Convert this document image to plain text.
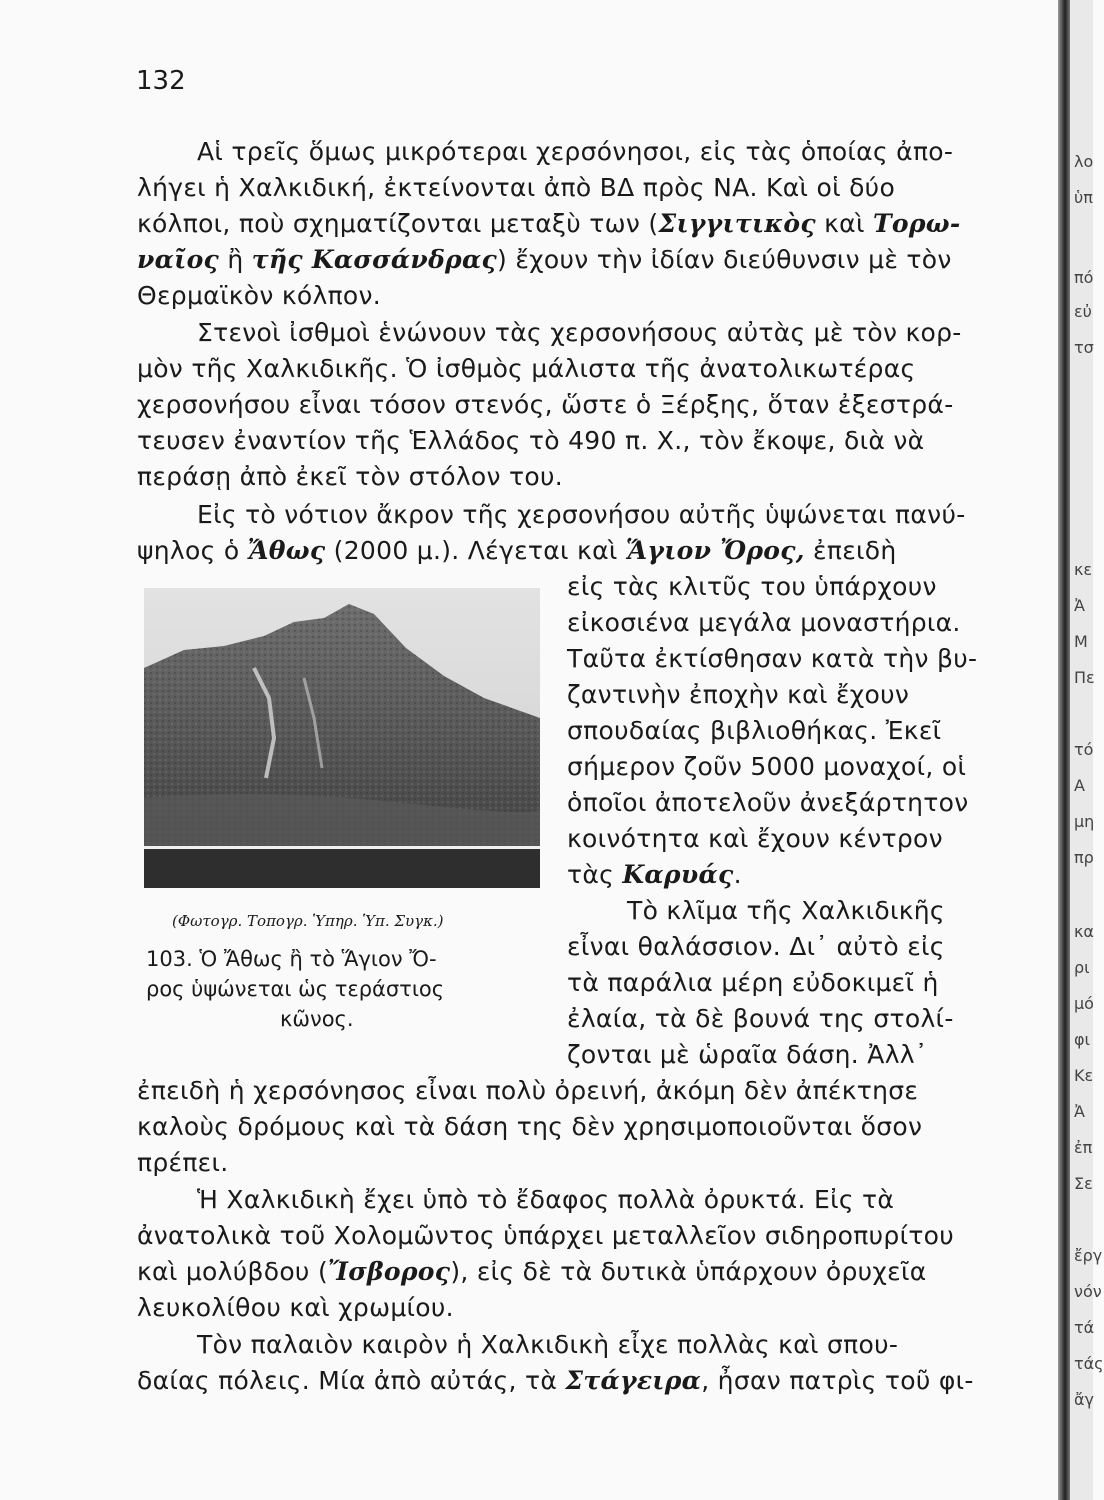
132
Αἱ τρεῖς ὅμως μικρότεραι χερσόνησοι, εἰς τὰς ὁποίας ἀπο-
λήγει ἡ Χαλκιδική, ἐκτείνονται ἀπὸ ΒΔ πρὸς ΝΑ. Καὶ οἱ δύο
κόλποι, ποὺ σχηματίζονται μεταξὺ των (Σιγγιτικὸς καὶ Τορω-
ναῖος ἢ τῆς Κασσάνδρας) ἔχουν τὴν ἰδίαν διεύθυνσιν μὲ τὸν
Θερμαϊκὸν κόλπον.
Στενοὶ ἰσθμοὶ ἑνώνουν τὰς χερσονήσους αὐτὰς μὲ τὸν κορ-
μὸν τῆς Χαλκιδικῆς. Ὁ ἰσθμὸς μάλιστα τῆς ἀνατολικωτέρας
χερσονήσου εἶναι τόσον στενός, ὥστε ὁ Ξέρξης, ὅταν ἐξεστρά-
τευσεν ἐναντίον τῆς Ἑλλάδος τὸ 490 π. Χ., τὸν ἔκοψε, διὰ νὰ
περάσῃ ἀπὸ ἐκεῖ τὸν στόλον του.
Εἰς τὸ νότιον ἄκρον τῆς χερσονήσου αὐτῆς ὑψώνεται πανύ-
ψηλος ὁ Ἄθως (2000 μ.). Λέγεται καὶ Ἅγιον Ὄρος, ἐπειδὴ
εἰς τὰς κλιτῦς του ὑπάρχουν
εἰκοσιένα μεγάλα μοναστήρια.
Ταῦτα ἐκτίσθησαν κατὰ τὴν βυ-
ζαντινὴν ἐποχὴν καὶ ἔχουν
σπουδαίας βιβλιοθήκας. Ἐκεῖ
σήμερον ζοῦν 5000 μοναχοί, οἱ
ὁποῖοι ἀποτελοῦν ἀνεξάρτητον
κοινότητα καὶ ἔχουν κέντρον
τὰς Καρυάς.
Τὸ κλῖμα τῆς Χαλκιδικῆς
εἶναι θαλάσσιον. Δι᾽ αὐτὸ εἰς
τὰ παράλια μέρη εὐδοκιμεῖ ἡ
ἐλαία, τὰ δὲ βουνά της στολί-
ζονται μὲ ὡραῖα δάση. Ἀλλ᾽
ἐπειδὴ ἡ χερσόνησος εἶναι πολὺ ὀρεινή, ἀκόμη δὲν ἀπέκτησε
καλοὺς δρόμους καὶ τὰ δάση της δὲν χρησιμοποιοῦνται ὅσον
πρέπει.
Ἡ Χαλκιδικὴ ἔχει ὑπὸ τὸ ἔδαφος πολλὰ ὀρυκτά. Εἰς τὰ
ἀνατολικὰ τοῦ Χολομῶντος ὑπάρχει μεταλλεῖον σιδηροπυρίτου
καὶ μολύβδου (Ἴσβορος), εἰς δὲ τὰ δυτικὰ ὑπάρχουν ὀρυχεῖα
λευκολίθου καὶ χρωμίου.
Τὸν παλαιὸν καιρὸν ἡ Χαλκιδικὴ εἶχε πολλὰς καὶ σπου-
δαίας πόλεις. Μία ἀπὸ αὐτάς, τὰ Στάγειρα, ἦσαν πατρὶς τοῦ φι-
(Φωτογρ. Τοπογρ. Ὑπηρ. Ὑπ. Συγκ.)
103. Ὁ Ἄθως ἢ τὸ Ἅγιον Ὄ-
ρος ὑψώνεται ὡς τεράστιος
κῶνος.
λο
ὑπ
πό
εὐ
τσ
κε
Ἀ
Μ
Πε
τό
Α
μη
πρ
κα
ρι
μό
φι
Κε
Ἀ
ἐπ
Σε
ἔργ
νόν
τά
τάς
ἄγ
